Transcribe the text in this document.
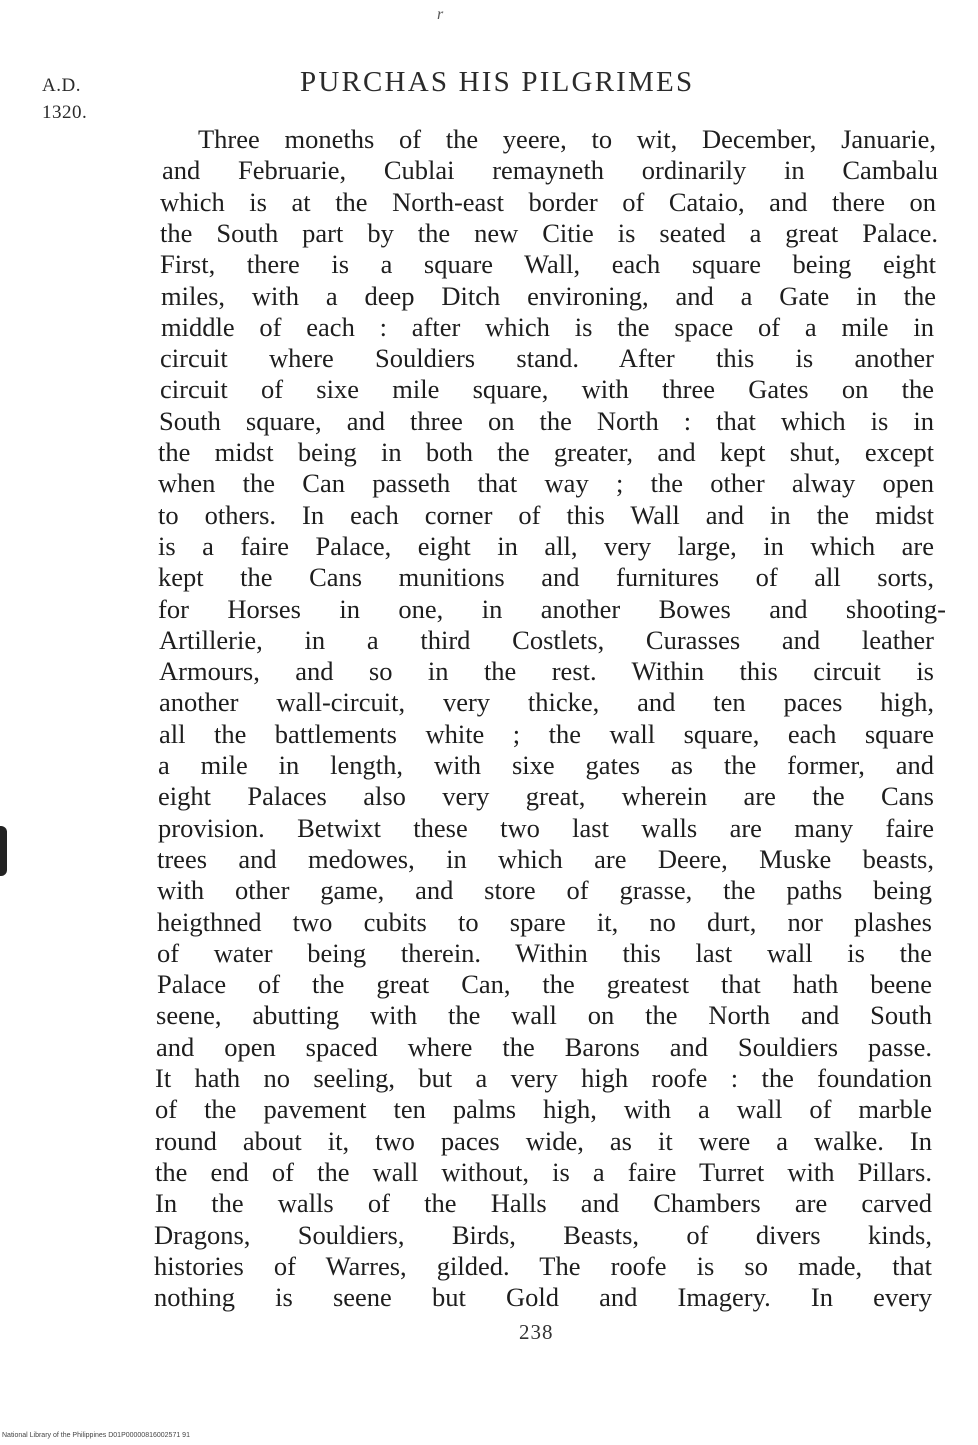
r
A.D.
1320.
PURCHAS HIS PILGRIMES
Three moneths of the yeere, to wit, December, Januarie,
and Februarie, Cublai remayneth ordinarily in Cambalu
which is at the North-east border of Cataio, and there on
the South part by the new Citie is seated a great Palace.
First, there is a square Wall, each square being eight
miles, with a deep Ditch environing, and a Gate in the
middle of each : after which is the space of a mile in
circuit where Souldiers stand. After this is another
circuit of sixe mile square, with three Gates on the
South square, and three on the North : that which is in
the midst being in both the greater, and kept shut, except
when the Can passeth that way ; the other alway open
to others. In each corner of this Wall and in the midst
is a faire Palace, eight in all, very large, in which are
kept the Cans munitions and furnitures of all sorts,
for Horses in one, in another Bowes and shooting-
Artillerie, in a third Costlets, Curasses and leather
Armours, and so in the rest. Within this circuit is
another wall-circuit, very thicke, and ten paces high,
all the battlements white ; the wall square, each square
a mile in length, with sixe gates as the former, and
eight Palaces also very great, wherein are the Cans
provision. Betwixt these two last walls are many faire
trees and medowes, in which are Deere, Muske beasts,
with other game, and store of grasse, the paths being
heigthned two cubits to spare it, no durt, nor plashes
of water being therein. Within this last wall is the
Palace of the great Can, the greatest that hath beene
seene, abutting with the wall on the North and South
and open spaced where the Barons and Souldiers passe.
It hath no seeling, but a very high roofe : the foundation
of the pavement ten palms high, with a wall of marble
round about it, two paces wide, as it were a walke. In
the end of the wall without, is a faire Turret with Pillars.
In the walls of the Halls and Chambers are carved
Dragons, Souldiers, Birds, Beasts, of divers kinds,
histories of Warres, gilded. The roofe is so made, that
nothing is seene but Gold and Imagery. In every
238
National Library of the Philippines D01P00000816002571 91
